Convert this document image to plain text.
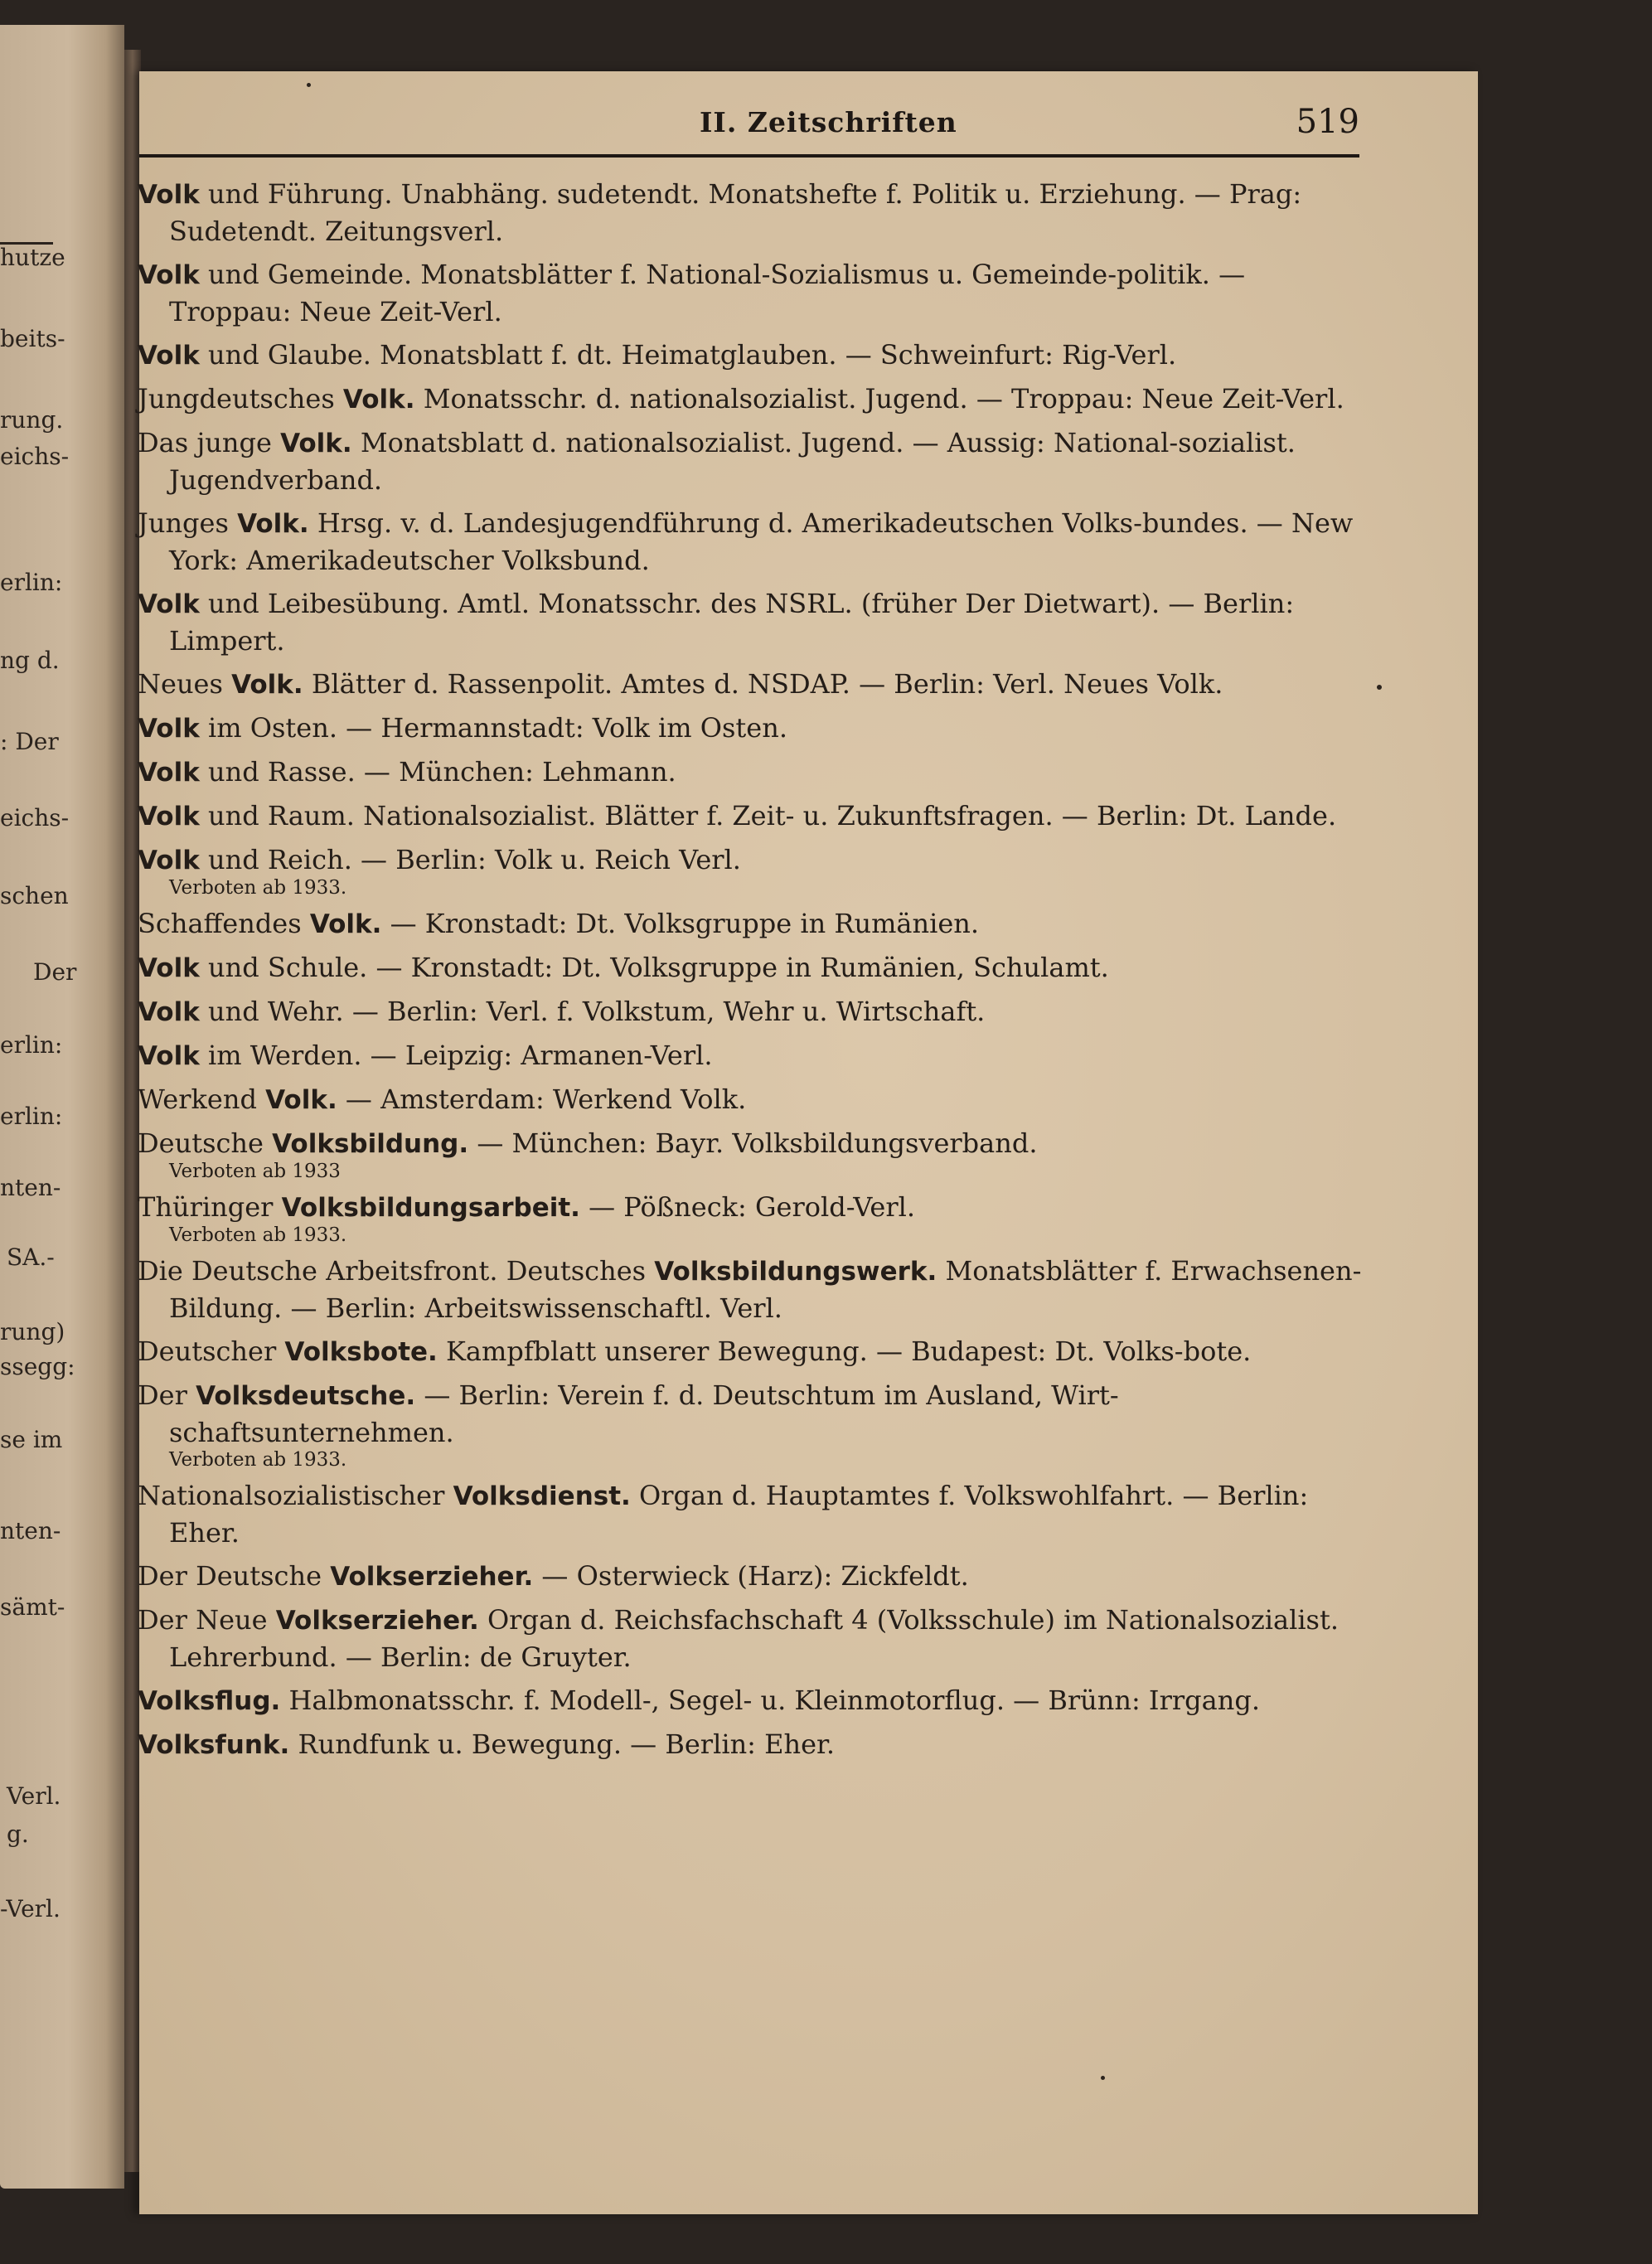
hutze
beits-
rung.
eichs-
erlin:
ng d.
: Der
eichs-
schen
Der
erlin:
erlin:
nten-
SA.-
rung)
ssegg:
se im
nten-
sämt-
Verl.
g.
-Verl.
II. Zeitschriften	519
Volk und Führung. Unabhäng. sudetendt. Monatshefte f. Politik u. Erziehung. — Prag: Sudetendt. Zeitungsverl.
Volk und Gemeinde. Monatsblätter f. National-Sozialismus u. Gemeinde-politik. — Troppau: Neue Zeit-Verl.
Volk und Glaube. Monatsblatt f. dt. Heimatglauben. — Schweinfurt: Rig-Verl.
Jungdeutsches Volk. Monatsschr. d. nationalsozialist. Jugend. — Troppau: Neue Zeit-Verl.
Das junge Volk. Monatsblatt d. nationalsozialist. Jugend. — Aussig: National-sozialist. Jugendverband.
Junges Volk. Hrsg. v. d. Landesjugendführung d. Amerikadeutschen Volks-bundes. — New York: Amerikadeutscher Volksbund.
Volk und Leibesübung. Amtl. Monatsschr. des NSRL. (früher Der Dietwart). — Berlin: Limpert.
Neues Volk. Blätter d. Rassenpolit. Amtes d. NSDAP. — Berlin: Verl. Neues Volk.
Volk im Osten. — Hermannstadt: Volk im Osten.
Volk und Rasse. — München: Lehmann.
Volk und Raum. Nationalsozialist. Blätter f. Zeit- u. Zukunftsfragen. — Berlin: Dt. Lande.
Volk und Reich. — Berlin: Volk u. Reich Verl.
Verboten ab 1933.
Schaffendes Volk. — Kronstadt: Dt. Volksgruppe in Rumänien.
Volk und Schule. — Kronstadt: Dt. Volksgruppe in Rumänien, Schulamt.
Volk und Wehr. — Berlin: Verl. f. Volkstum, Wehr u. Wirtschaft.
Volk im Werden. — Leipzig: Armanen-Verl.
Werkend Volk. — Amsterdam: Werkend Volk.
Deutsche Volksbildung. — München: Bayr. Volksbildungsverband.
Verboten ab 1933
Thüringer Volksbildungsarbeit. — Pößneck: Gerold-Verl.
Verboten ab 1933.
Die Deutsche Arbeitsfront. Deutsches Volksbildungswerk. Monatsblätter f. Erwachsenen-Bildung. — Berlin: Arbeitswissenschaftl. Verl.
Deutscher Volksbote. Kampfblatt unserer Bewegung. — Budapest: Dt. Volks-bote.
Der Volksdeutsche. — Berlin: Verein f. d. Deutschtum im Ausland, Wirt-schaftsunternehmen.
Verboten ab 1933.
Nationalsozialistischer Volksdienst. Organ d. Hauptamtes f. Volkswohlfahrt. — Berlin: Eher.
Der Deutsche Volkserzieher. — Osterwieck (Harz): Zickfeldt.
Der Neue Volkserzieher. Organ d. Reichsfachschaft 4 (Volksschule) im Nationalsozialist. Lehrerbund. — Berlin: de Gruyter.
Volksflug. Halbmonatsschr. f. Modell-, Segel- u. Kleinmotorflug. — Brünn: Irrgang.
Volksfunk. Rundfunk u. Bewegung. — Berlin: Eher.
